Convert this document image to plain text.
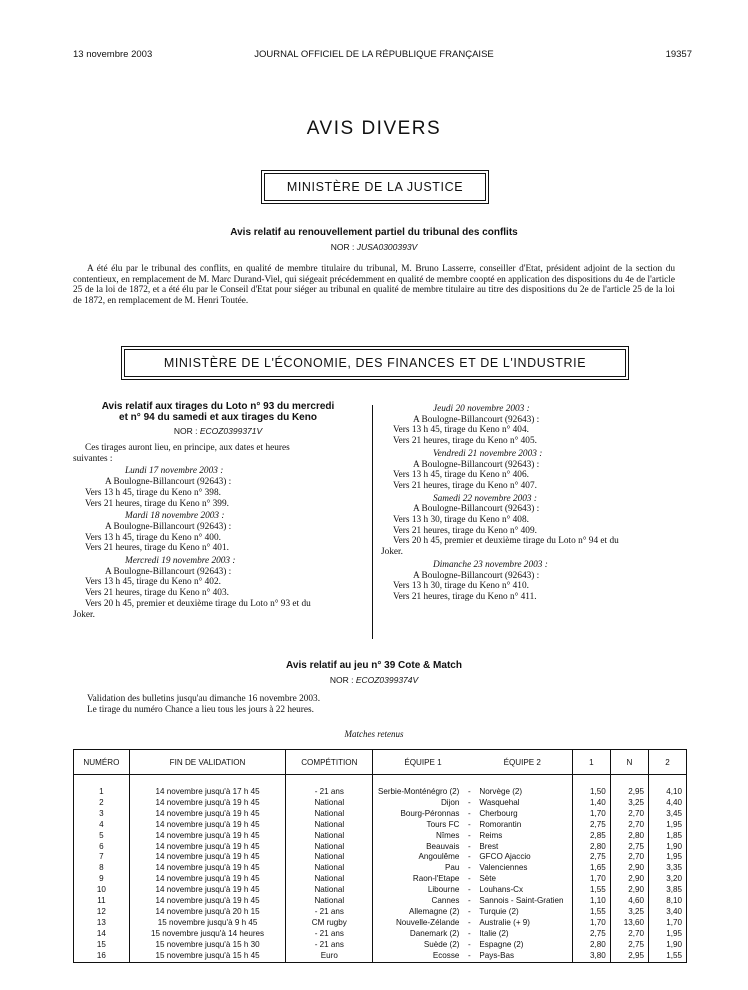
13 novembre 2003	JOURNAL OFFICIEL DE LA RÉPUBLIQUE FRANÇAISE	19357
AVIS DIVERS
MINISTÈRE DE LA JUSTICE
Avis relatif au renouvellement partiel du tribunal des conflits
NOR : JUSA0300393V

A été élu par le tribunal des conflits, en qualité de membre titulaire du tribunal, M. Bruno Lasserre, conseiller d'Etat, président adjoint de la section du contentieux, en remplacement de M. Marc Durand-Viel, qui siégeait précédemment en qualité de membre coopté en application des dispositions du 4e de l'article 25 de la loi de 1872, et a été élu par le Conseil d'Etat pour siéger au tribunal en qualité de membre titulaire au titre des dispositions du 2e de l'article 25 de la loi de 1872, en remplacement de M. Henri Toutée.

MINISTÈRE DE L'ÉCONOMIE, DES FINANCES ET DE L'INDUSTRIE
Avis relatif aux tirages du Loto n° 93 du mercredi
et n° 94 du samedi et aux tirages du Keno
NOR : ECOZ0399371V
Ces tirages auront lieu, en principe, aux dates et heures
suivantes :
Lundi 17 novembre 2003 :
A Boulogne-Billancourt (92643) :
Vers 13 h 45, tirage du Keno n° 398.
Vers 21 heures, tirage du Keno n° 399.
Mardi 18 novembre 2003 :
A Boulogne-Billancourt (92643) :
Vers 13 h 45, tirage du Keno n° 400.
Vers 21 heures, tirage du Keno n° 401.
Mercredi 19 novembre 2003 :
A Boulogne-Billancourt (92643) :
Vers 13 h 45, tirage du Keno n° 402.
Vers 21 heures, tirage du Keno n° 403.
Vers 20 h 45, premier et deuxième tirage du Loto n° 93 et du
Joker.
Jeudi 20 novembre 2003 :
A Boulogne-Billancourt (92643) :
Vers 13 h 45, tirage du Keno n° 404.
Vers 21 heures, tirage du Keno n° 405.
Vendredi 21 novembre 2003 :
A Boulogne-Billancourt (92643) :
Vers 13 h 45, tirage du Keno n° 406.
Vers 21 heures, tirage du Keno n° 407.
Samedi 22 novembre 2003 :
A Boulogne-Billancourt (92643) :
Vers 13 h 30, tirage du Keno n° 408.
Vers 21 heures, tirage du Keno n° 409.
Vers 20 h 45, premier et deuxième tirage du Loto n° 94 et du
Joker.
Dimanche 23 novembre 2003 :
A Boulogne-Billancourt (92643) :
Vers 13 h 30, tirage du Keno n° 410.
Vers 21 heures, tirage du Keno n° 411.
Avis relatif au jeu n° 39 Cote & Match
NOR : ECOZ0399374V
Validation des bulletins jusqu'au dimanche 16 novembre 2003.
Le tirage du numéro Chance a lieu tous les jours à 22 heures.
Matches retenus
NUMÉRO	FIN DE VALIDATION	COMPÉTITION	ÉQUIPE 1 ÉQUIPE 2	1	N	2
1	14 novembre jusqu'à 17 h 45	- 21 ans	Serbie-Monténégro (2) - Norvège (2)	1,50	2,95	4,10
2	14 novembre jusqu'à 19 h 45	National	Dijon - Wasquehal	1,40	3,25	4,40
3	14 novembre jusqu'à 19 h 45	National	Bourg-Péronnas - Cherbourg	1,70	2,70	3,45
4	14 novembre jusqu'à 19 h 45	National	Tours FC - Romorantin	2,75	2,70	1,95
5	14 novembre jusqu'à 19 h 45	National	Nîmes - Reims	2,85	2,80	1,85
6	14 novembre jusqu'à 19 h 45	National	Beauvais - Brest	2,80	2,75	1,90
7	14 novembre jusqu'à 19 h 45	National	Angoulême - GFCO Ajaccio	2,75	2,70	1,95
8	14 novembre jusqu'à 19 h 45	National	Pau - Valenciennes	1,65	2,90	3,35
9	14 novembre jusqu'à 19 h 45	National	Raon-l'Etape - Sète	1,70	2,90	3,20
10	14 novembre jusqu'à 19 h 45	National	Libourne - Louhans-Cx	1,55	2,90	3,85
11	14 novembre jusqu'à 19 h 45	National	Cannes - Sannois - Saint-Gratien	1,10	4,60	8,10
12	14 novembre jusqu'à 20 h 15	- 21 ans	Allemagne (2) - Turquie (2)	1,55	3,25	3,40
13	15 novembre jusqu'à 9 h 45	CM rugby	Nouvelle-Zélande - Australie (+ 9)	1,70	13,60	1,70
14	15 novembre jusqu'à 14 heures	- 21 ans	Danemark (2) - Italie (2)	2,75	2,70	1,95
15	15 novembre jusqu'à 15 h 30	- 21 ans	Suède (2) - Espagne (2)	2,80	2,75	1,90
16	15 novembre jusqu'à 15 h 45	Euro	Ecosse - Pays-Bas	3,80	2,95	1,55
